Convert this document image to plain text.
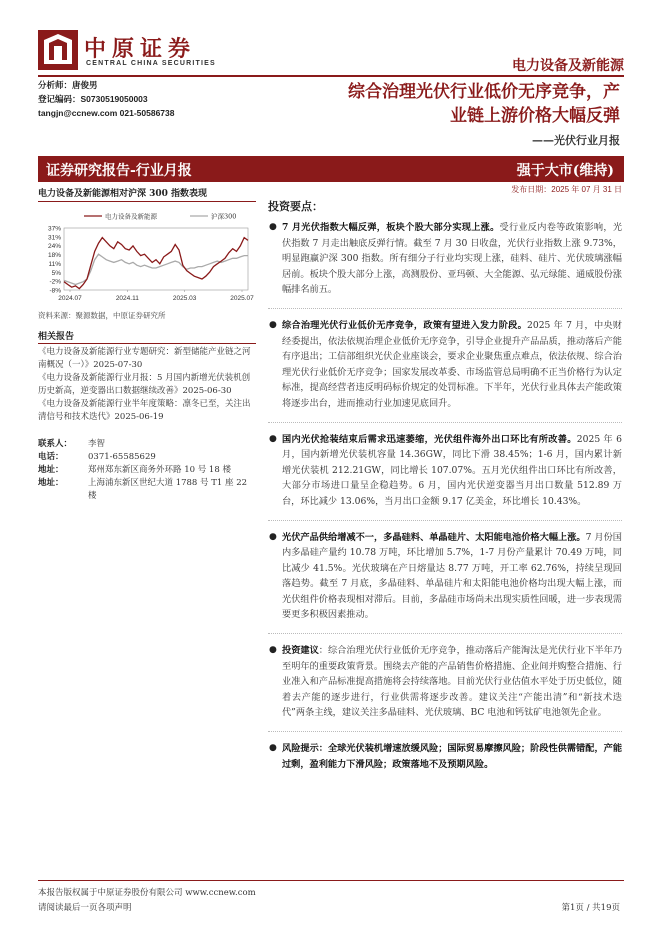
中原证券
CENTRAL CHINA SECURITIES	电力设备及新能源
分析师：唐俊男
登记编码：S0730519050003
tangjn@ccnew.com 021-50586738
综合治理光伏行业低价无序竞争，产
业链上游价格大幅反弹
——光伏行业月报
证券研究报告-行业月报	强于大市(维持)
发布日期：2025 年 07 月 31 日
电力设备及新能源相对沪深 300 指数表现
37%
31%
24%
18%
11%
5%
-2%
-8%
2024.07	2024.11	2025.03	2025.07
电力设备及新能源	沪深300
资料来源：聚源数据，中原证券研究所
相关报告

《电力设备及新能源行业专题研究：新型储能产业链之河南概况（一）》2025-07-30

《电力设备及新能源行业月报：5 月国内新增光伏装机创历史新高，逆变器出口数据继续改善》2025-06-30

《电力设备及新能源行业半年度策略：凛冬已至，关注出清信号和技术迭代》2025-06-19

联系人：	李智
电话：	0371-65585629
地址：	郑州郑东新区商务外环路 10 号 18 楼
地址：	上海浦东新区世纪大道 1788 号 T1 座 22 楼
投资要点：
● 7 月光伏指数大幅反弹，板块个股大部分实现上涨。受行业反内卷等政策影响，光伏指数 7 月走出触底反弹行情。截至 7 月 30 日收盘，光伏行业指数上涨 9.73%，明显跑赢沪深 300 指数。所有细分子行业均实现上涨，硅料、硅片、光伏玻璃涨幅居前。板块个股大部分上涨，高测股份、亚玛顿、大全能源、弘元绿能、通威股份涨幅排名前五。
● 综合治理光伏行业低价无序竞争，政策有望进入发力阶段。2025 年 7 月，中央财经委提出，依法依规治理企业低价无序竞争，引导企业提升产品品质，推动落后产能有序退出；工信部组织光伏企业座谈会，要求企业聚焦重点难点，依法依规、综合治理光伏行业低价无序竞争；国家发展改革委、市场监管总局明确不正当价格行为认定标准，提高经营者违反明码标价规定的处罚标准。下半年，光伏行业具体去产能政策将逐步出台，进而推动行业加速见底回升。
● 国内光伏抢装结束后需求迅速萎缩，光伏组件海外出口环比有所改善。2025 年 6 月，国内新增光伏装机容量 14.36GW，同比下滑 38.45%；1-6 月，国内累计新增光伏装机 212.21GW，同比增长 107.07%。五月光伏组件出口环比有所改善，大部分市场进口量呈企稳趋势。6 月，国内光伏逆变器当月出口数量 512.89 万台，环比减少 13.06%，当月出口金额 9.17 亿美金，环比增长 10.43%。
● 光伏产品供给增减不一，多晶硅料、单晶硅片、太阳能电池价格大幅上涨。7 月份国内多晶硅产量约 10.78 万吨，环比增加 5.7%，1-7 月份产量累计 70.49 万吨，同比减少 41.5%。光伏玻璃在产日熔量达 8.77 万吨，开工率 62.76%，持续呈现回落趋势。截至 7 月底，多晶硅料、单晶硅片和太阳能电池价格均出现大幅上涨，而光伏组件价格表现相对滞后。目前，多晶硅市场尚未出现实质性回暖，进一步表现需要更多积极因素推动。
● 投资建议：综合治理光伏行业低价无序竞争，推动落后产能淘汰是光伏行业下半年乃至明年的重要政策背景。围绕去产能的产品销售价格措施、企业间并购整合措施、行业准入和产品标准提高措施将会持续落地。目前光伏行业估值水平处于历史低位，随着去产能的逐步进行，行业供需将逐步改善。建议关注“产能出清”和“新技术迭代”两条主线，建议关注多晶硅料、光伏玻璃、BC 电池和钙钛矿电池领先企业。
● 风险提示：全球光伏装机增速放缓风险；国际贸易摩擦风险；阶段性供需错配，产能过剩，盈利能力下滑风险；政策落地不及预期风险。
本报告版权属于中原证券股份有限公司 www.ccnew.com
请阅读最后一页各项声明	第1页 / 共19页
